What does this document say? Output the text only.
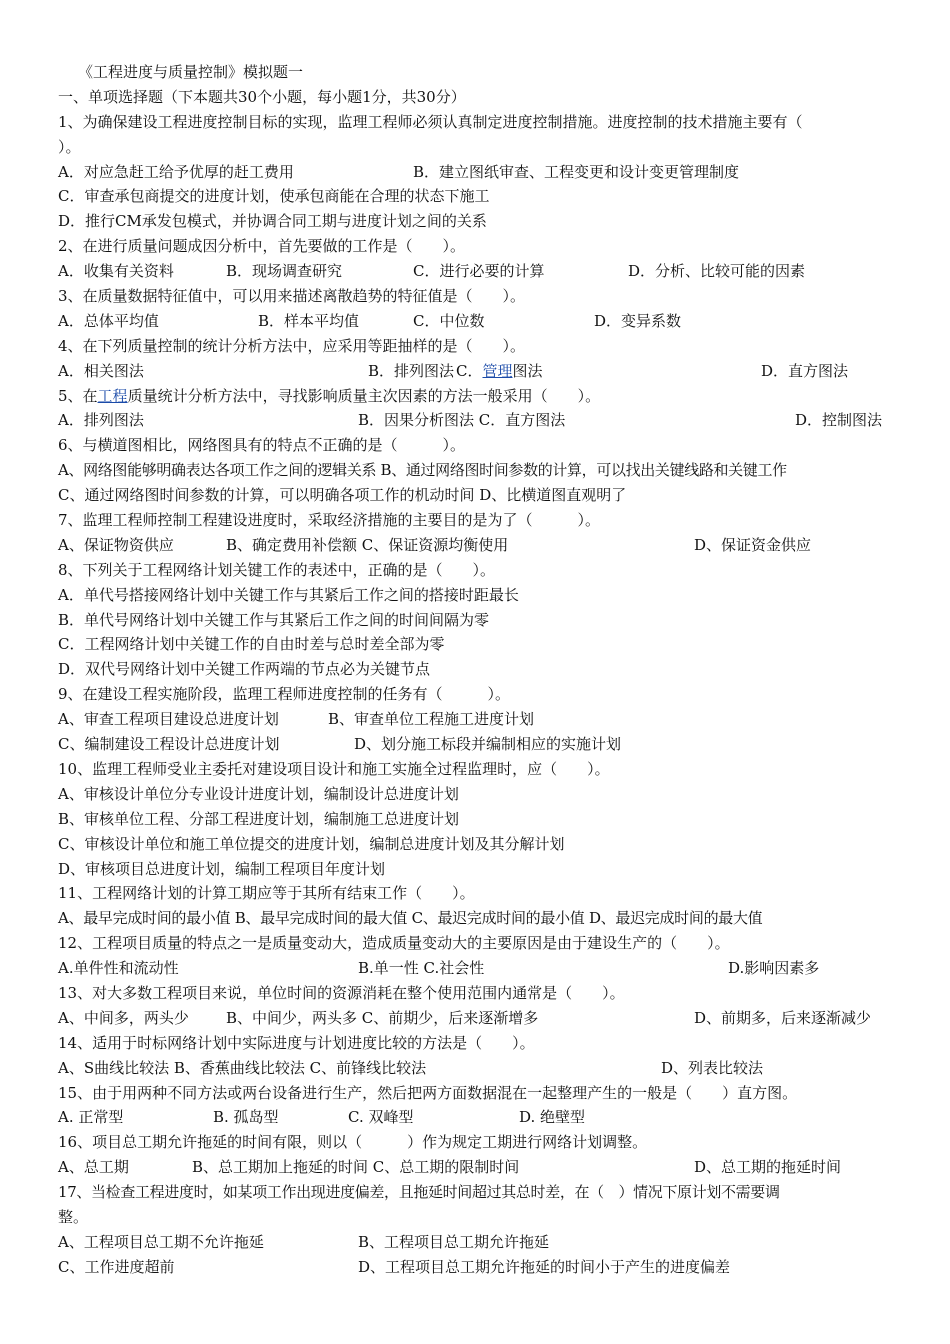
《工程进度与质量控制》模拟题一
一、单项选择题（下本题共30个小题，每小题1分，共30分）
1、为确保建设工程进度控制目标的实现，监理工程师必须认真制定进度控制措施。进度控制的技术措施主要有（
）。
A．对应急赶工给予优厚的赶工费用	B．建立图纸审查、工程变更和设计变更管理制度
C．审查承包商提交的进度计划，使承包商能在合理的状态下施工
D．推行CM承发包模式，并协调合同工期与进度计划之间的关系
2、在进行质量问题成因分析中，首先要做的工作是（　　）。
A．收集有关资料	B．现场调查研究	C．进行必要的计算	D．分析、比较可能的因素
3、在质量数据特征值中，可以用来描述离散趋势的特征值是（　　）。
A．总体平均值	B．样本平均值	C．中位数	D．变异系数
4、在下列质量控制的统计分析方法中，应采用等距抽样的是（　　）。
A．相关图法	B．排列图法 C．管理图法	D．直方图法
5、在工程质量统计分析方法中，寻找影响质量主次因素的方法一般采用（　　）。
A．排列图法	B．因果分析图法 C．直方图法	D．控制图法
6、与横道图相比，网络图具有的特点不正确的是（　　　）。
A、网络图能够明确表达各项工作之间的逻辑关系 B、通过网络图时间参数的计算，可以找出关键线路和关键工作
C、通过网络图时间参数的计算，可以明确各项工作的机动时间 D、比横道图直观明了
7、监理工程师控制工程建设进度时，采取经济措施的主要目的是为了（　　　）。
A、保证物资供应	B、确定费用补偿额 C、保证资源均衡使用	D、保证资金供应
8、下列关于工程网络计划关键工作的表述中，正确的是（　　）。
A．单代号搭接网络计划中关键工作与其紧后工作之间的搭接时距最长
B．单代号网络计划中关键工作与其紧后工作之间的时间间隔为零
C．工程网络计划中关键工作的自由时差与总时差全部为零
D．双代号网络计划中关键工作两端的节点必为关键节点
9、在建设工程实施阶段，监理工程师进度控制的任务有（　　　）。
A、审查工程项目建设总进度计划	B、审查单位工程施工进度计划
C、编制建设工程设计总进度计划	D、划分施工标段并编制相应的实施计划
10、监理工程师受业主委托对建设项目设计和施工实施全过程监理时，应（　　）。
A、审核设计单位分专业设计进度计划，编制设计总进度计划
B、审核单位工程、分部工程进度计划，编制施工总进度计划
C、审核设计单位和施工单位提交的进度计划，编制总进度计划及其分解计划
D、审核项目总进度计划，编制工程项目年度计划
11、工程网络计划的计算工期应等于其所有结束工作（　　）。
A、最早完成时间的最小值 B、最早完成时间的最大值 C、最迟完成时间的最小值 D、最迟完成时间的最大值
12、工程项目质量的特点之一是质量变动大，造成质量变动大的主要原因是由于建设生产的（　　）。
A.单件性和流动性	B.单一性 C.社会性	D.影响因素多
13、对大多数工程项目来说，单位时间的资源消耗在整个使用范围内通常是（　　）。
A、中间多，两头少 B、中间少，两头多 C、前期少，后来逐渐增多	D、前期多，后来逐渐减少
14、适用于时标网络计划中实际进度与计划进度比较的方法是（　　）。
A、S曲线比较法 B、香蕉曲线比较法 C、前锋线比较法	D、列表比较法
15、由于用两种不同方法或两台设备进行生产，然后把两方面数据混在一起整理产生的一般是（　　）直方图。
A. 正常型	B. 孤岛型	C. 双峰型	D. 绝壁型
16、项目总工期允许拖延的时间有限，则以（　　　）作为规定工期进行网络计划调整。
A、总工期	B、总工期加上拖延的时间 C、总工期的限制时间	D、总工期的拖延时间
17、当检查工程进度时，如某项工作出现进度偏差，且拖延时间超过其总时差，在（　）情况下原计划不需要调
整。
A、工程项目总工期不允许拖延	B、工程项目总工期允许拖延
C、工作进度超前	D、工程项目总工期允许拖延的时间小于产生的进度偏差
